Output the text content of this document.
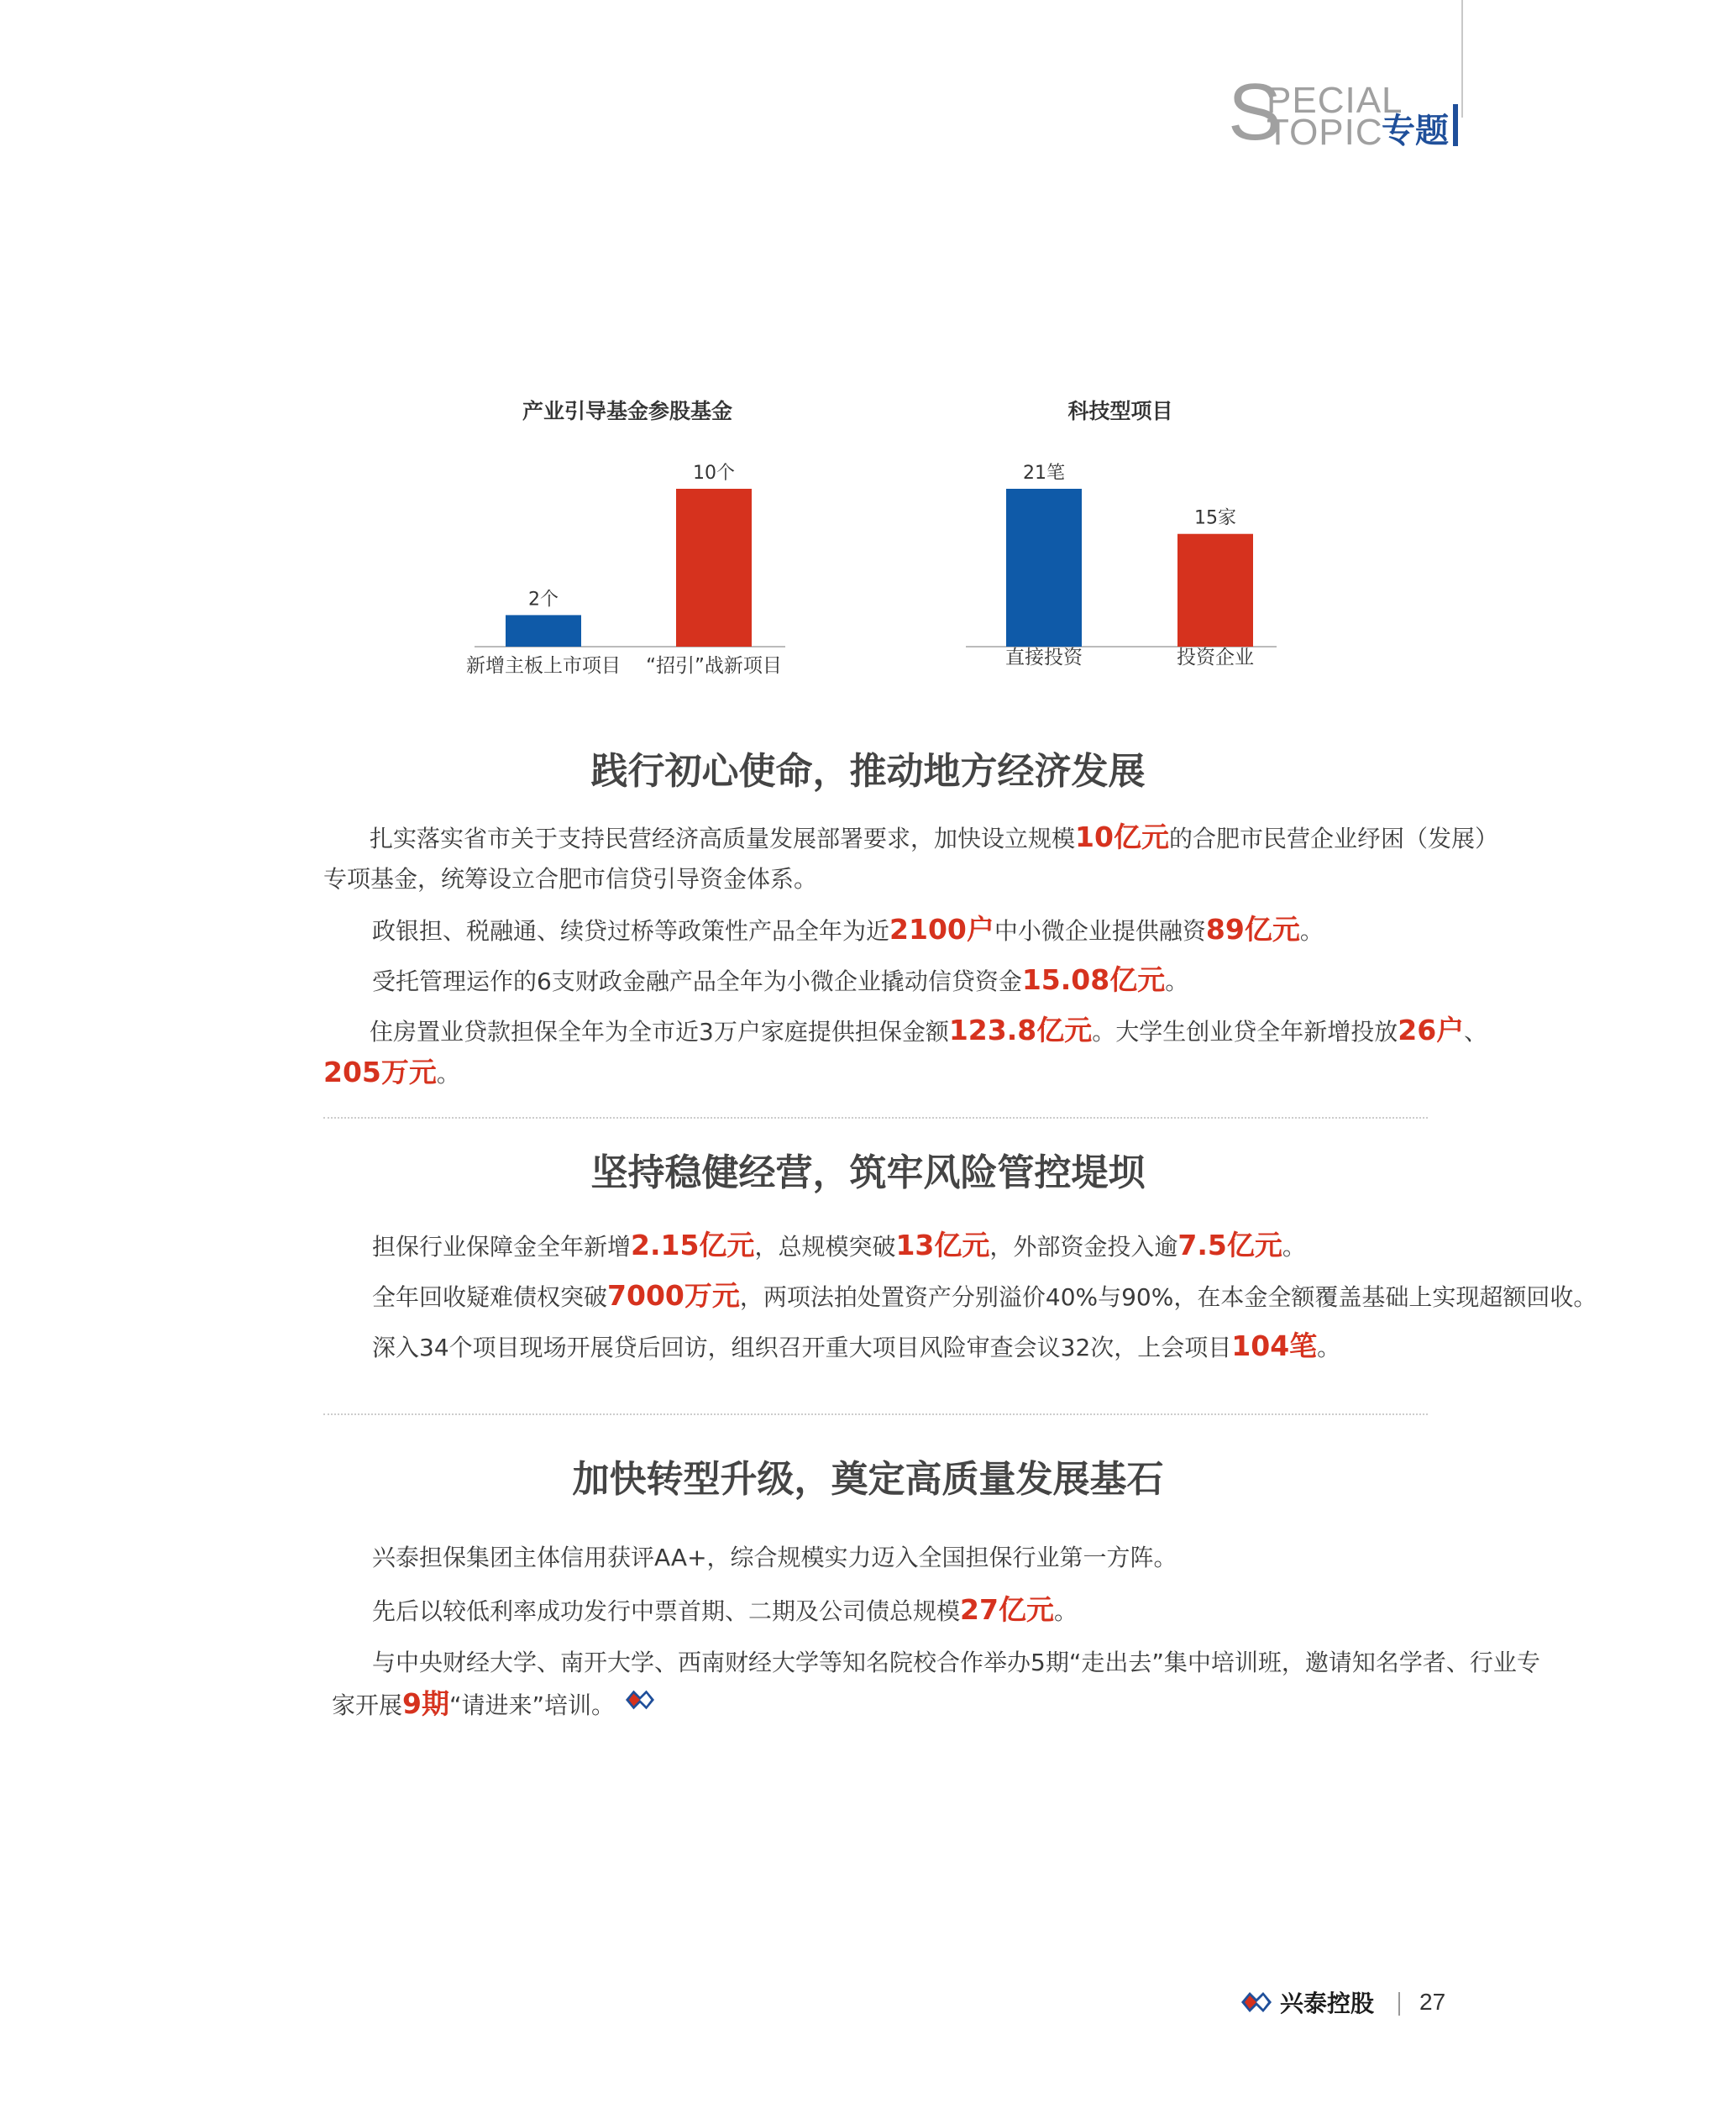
S
PECIAL
TOPIC
专题
产业引导基金参股基金
2个
新增主板上市项目
10个
“招引”战新项目
科技型项目
21笔
直接投资
15家
投资企业
践行初心使命，推动地方经济发展
扎实落实省市关于支持民营经济高质量发展部署要求，加快设立规模10亿元的合肥市民营企业纾困（发展）
专项基金，统筹设立合肥市信贷引导资金体系。
政银担、税融通、续贷过桥等政策性产品全年为近2100户中小微企业提供融资89亿元。
受托管理运作的6支财政金融产品全年为小微企业撬动信贷资金15.08亿元。
住房置业贷款担保全年为全市近3万户家庭提供担保金额123.8亿元。大学生创业贷全年新增投放26户、
205万元。
坚持稳健经营，筑牢风险管控堤坝
担保行业保障金全年新增2.15亿元，总规模突破13亿元，外部资金投入逾7.5亿元。
全年回收疑难债权突破7000万元，两项法拍处置资产分别溢价40%与90%，在本金全额覆盖基础上实现超额回收。
深入34个项目现场开展贷后回访，组织召开重大项目风险审查会议32次，上会项目104笔。
加快转型升级，奠定高质量发展基石
兴泰担保集团主体信用获评AA+，综合规模实力迈入全国担保行业第一方阵。
先后以较低利率成功发行中票首期、二期及公司债总规模27亿元。
与中央财经大学、南开大学、西南财经大学等知名院校合作举办5期“走出去”集中培训班，邀请知名学者、行业专
家开展9期“请进来”培训。
兴泰控股 27
